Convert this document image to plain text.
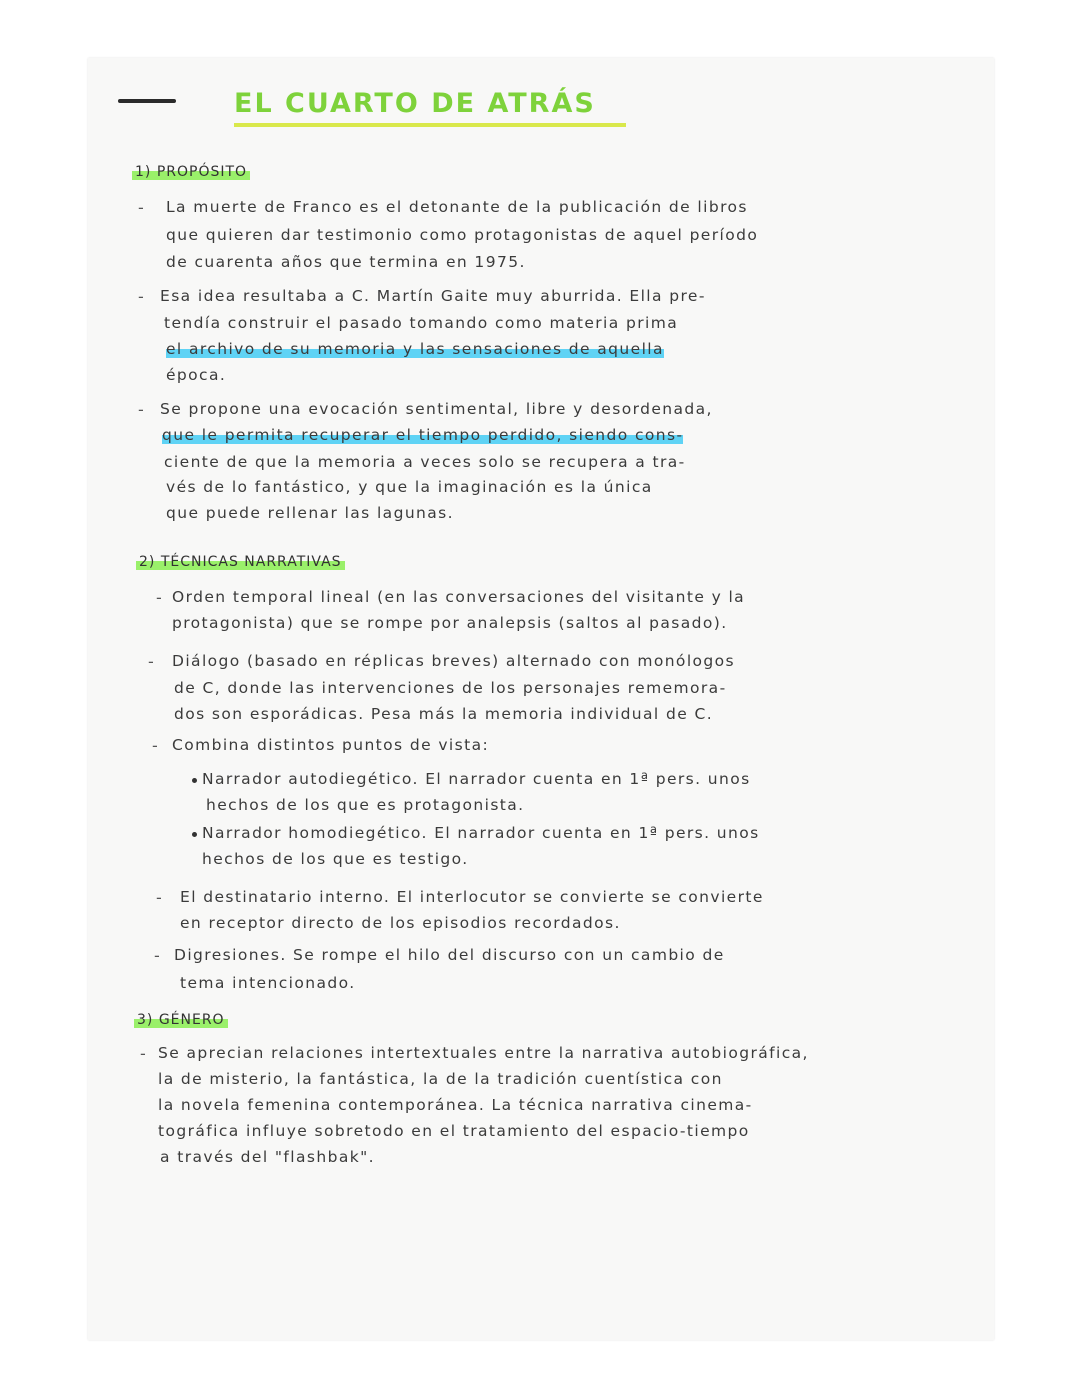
EL CUARTO DE ATRÁS
1) PROPÓSITO
- La muerte de Franco es el detonante de la publicación de libros
que quieren dar testimonio como protagonistas de aquel período
de cuarenta años que termina en 1975.
- Esa idea resultaba a C. Martín Gaite muy aburrida. Ella pre-
tendía construir el pasado tomando como materia prima
el archivo de su memoria y las sensaciones de aquella
época.
- Se propone una evocación sentimental, libre y desordenada,
que le permita recuperar el tiempo perdido, siendo cons-
ciente de que la memoria a veces solo se recupera a tra-
vés de lo fantástico, y que la imaginación es la única
que puede rellenar las lagunas.
2) TÉCNICAS NARRATIVAS
- Orden temporal lineal (en las conversaciones del visitante y la
protagonista) que se rompe por analepsis (saltos al pasado).
- Diálogo (basado en réplicas breves) alternado con monólogos
de C, donde las intervenciones de los personajes rememora-
dos son esporádicas. Pesa más la memoria individual de C.
- Combina distintos puntos de vista:
Narrador autodiegético. El narrador cuenta en 1ª pers. unos
hechos de los que es protagonista.
Narrador homodiegético. El narrador cuenta en 1ª pers. unos
hechos de los que es testigo.
- El destinatario interno. El interlocutor se convierte se convierte
en receptor directo de los episodios recordados.
- Digresiones. Se rompe el hilo del discurso con un cambio de
tema intencionado.
3) GÉNERO
- Se aprecian relaciones intertextuales entre la narrativa autobiográfica,
la de misterio, la fantástica, la de la tradición cuentística con
la novela femenina contemporánea. La técnica narrativa cinema-
tográfica influye sobretodo en el tratamiento del espacio-tiempo
a través del "flashbak".
